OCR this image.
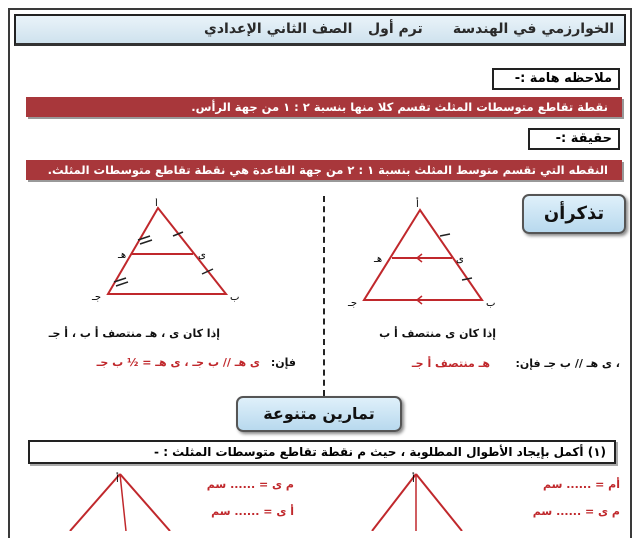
الخوارزمي في الهندسة
ترم أول
الصف الثاني الإعدادي
ملاحظه هامة :-
نقطة تقاطع متوسطات المثلث تقسم كلا منها بنسبة ٢ : ١ من جهة الرأس.
حقيقة :-
النقطه التي تقسم متوسط المثلث بنسبة ١ : ٢ من جهة القاعدة هي نقطة تقاطع متوسطات المثلث.
تذكرأن
أ
هـ	ى
جـ	ب
أ
هـ	ى
جـ	ب
إذا كان ى ، هـ منتصف أ ب ، أ جـ
فإن:
ى هـ // ب جـ ، ى هـ = ½ ب جـ
إذا كان ى منتصف أ ب
، ى هـ // ب جـ فإن:
هـ منتصف أ جـ
تمارين متنوعة
(١) أكمل بإيجاد الأطوال المطلوبة ، حيث م نقطة تقاطع متوسطات المثلث : -
أ	أ	أم = ...... سم
م ى = ...... سم
م ى = ...... سم
أ ى = ...... سم
